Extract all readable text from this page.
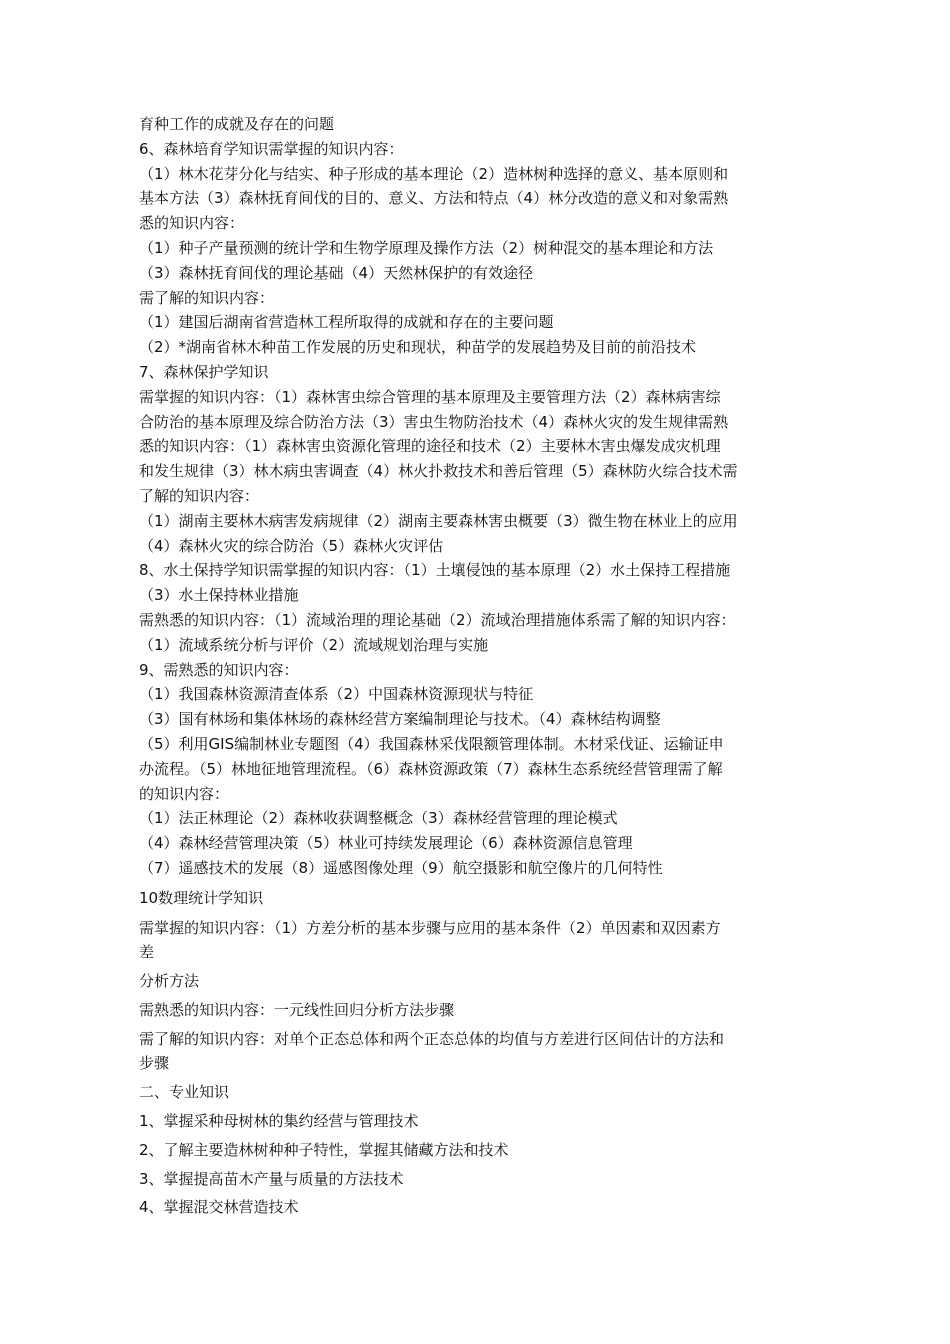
育种工作的成就及存在的问题

6、森林培育学知识需掌握的知识内容：

（1）林木花芽分化与结实、种子形成的基本理论（2）造林树种选择的意义、基本原则和

基本方法（3）森林抚育间伐的目的、意义、方法和特点（4）林分改造的意义和对象需熟

悉的知识内容：

（1）种子产量预测的统计学和生物学原理及操作方法（2）树种混交的基本理论和方法

（3）森林抚育间伐的理论基础（4）天然林保护的有效途径

需了解的知识内容：

（1）建国后湖南省营造林工程所取得的成就和存在的主要问题

（2）*湖南省林木种苗工作发展的历史和现状，种苗学的发展趋势及目前的前沿技术

7、森林保护学知识

需掌握的知识内容：（1）森林害虫综合管理的基本原理及主要管理方法（2）森林病害综

合防治的基本原理及综合防治方法（3）害虫生物防治技术（4）森林火灾的发生规律需熟

悉的知识内容：（1）森林害虫资源化管理的途径和技术（2）主要林木害虫爆发成灾机理

和发生规律（3）林木病虫害调查（4）林火扑救技术和善后管理（5）森林防火综合技术需

了解的知识内容：

（1）湖南主要林木病害发病规律（2）湖南主要森林害虫概要（3）微生物在林业上的应用

（4）森林火灾的综合防治（5）森林火灾评估

8、水土保持学知识需掌握的知识内容：（1）土壤侵蚀的基本原理（2）水土保持工程措施

（3）水土保持林业措施

需熟悉的知识内容：（1）流域治理的理论基础（2）流域治理措施体系需了解的知识内容：

（1）流域系统分析与评价（2）流域规划治理与实施

9、需熟悉的知识内容：

（1）我国森林资源清查体系（2）中国森林资源现状与特征

（3）国有林场和集体林场的森林经营方案编制理论与技术。（4）森林结构调整

（5）利用GIS编制林业专题图（4）我国森林采伐限额管理体制。木材采伐证、运输证申

办流程。（5）林地征地管理流程。（6）森林资源政策（7）森林生态系统经营管理需了解

的知识内容：

（1）法正林理论（2）森林收获调整概念（3）森林经营管理的理论模式

（4）森林经营管理决策（5）林业可持续发展理论（6）森林资源信息管理

（7）遥感技术的发展（8）遥感图像处理（9）航空摄影和航空像片的几何特性

10数理统计学知识

需掌握的知识内容：（1）方差分析的基本步骤与应用的基本条件（2）单因素和双因素方

差

分析方法

需熟悉的知识内容：一元线性回归分析方法步骤

需了解的知识内容：对单个正态总体和两个正态总体的均值与方差进行区间估计的方法和

步骤

二、专业知识

1、掌握采种母树林的集约经营与管理技术

2、了解主要造林树种种子特性，掌握其储藏方法和技术

3、掌握提高苗木产量与质量的方法技术

4、掌握混交林营造技术
